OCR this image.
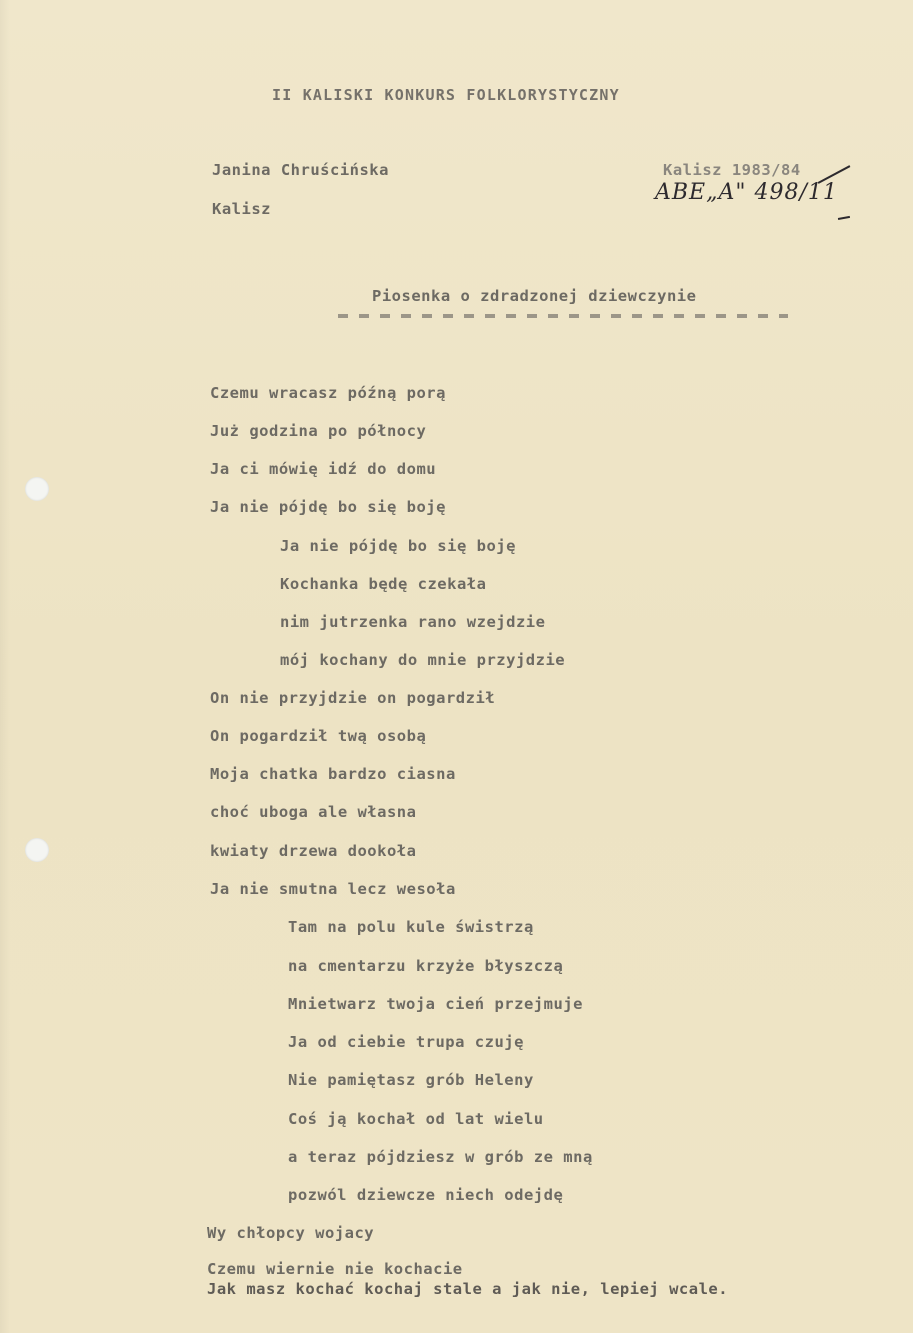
II KALISKI KONKURS FOLKLORYSTYCZNY
Janina Chruścińska
Kalisz
Kalisz 1983/84
ABE„A" 498/11
Piosenka o zdradzonej dziewczynie
Czemu wracasz późną porą
Już godzina po północy
Ja ci mówię idź do domu
Ja nie pójdę bo się boję
Ja nie pójdę bo się boję
Kochanka będę czekała
nim jutrzenka rano wzejdzie
mój kochany do mnie przyjdzie
On nie przyjdzie on pogardził
On pogardził twą osobą
Moja chatka bardzo ciasna
choć uboga ale własna
kwiaty drzewa dookoła
Ja nie smutna lecz wesoła
Tam na polu kule świstrzą
na cmentarzu krzyże błyszczą
Mnietwarz twoja cień przejmuje
Ja od ciebie trupa czuję
Nie pamiętasz grób Heleny
Coś ją kochał od lat wielu
a teraz pójdziesz w grób ze mną
pozwól dziewcze niech odejdę
Wy chłopcy wojacy
Czemu wiernie nie kochacie
Jak masz kochać kochaj stale a jak nie, lepiej wcale.
